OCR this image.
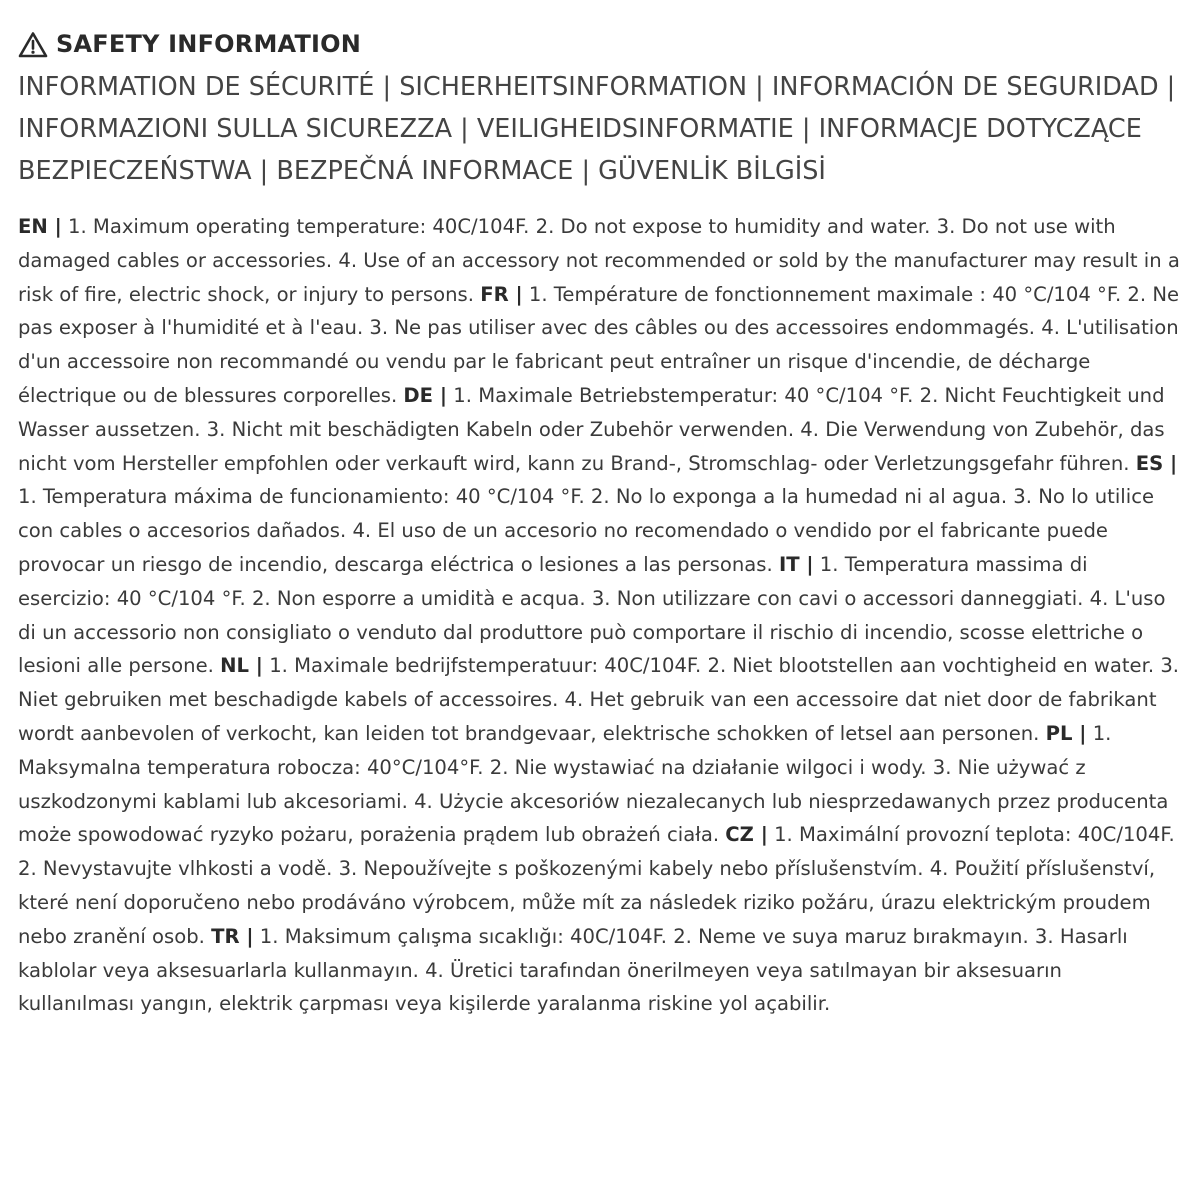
SAFETY INFORMATION
INFORMATION DE SÉCURITÉ | SICHERHEITSINFORMATION | INFORMACIÓN DE SEGURIDAD | INFORMAZIONI SULLA SICUREZZA | VEILIGHEIDSINFORMATIE | INFORMACJE DOTYCZĄCE BEZPIECZEŃSTWA | BEZPEČNÁ INFORMACE | GÜVENLİK BİLGİSİ
EN | 1. Maximum operating temperature: 40C/104F. 2. Do not expose to humidity and water. 3. Do not use with damaged cables or accessories. 4. Use of an accessory not recommended or sold by the manufacturer may result in a risk of fire, electric shock, or injury to persons. FR | 1. Température de fonctionnement maximale : 40 °C/104 °F. 2. Ne pas exposer à l'humidité et à l'eau. 3. Ne pas utiliser avec des câbles ou des accessoires endommagés. 4. L'utilisation d'un accessoire non recommandé ou vendu par le fabricant peut entraîner un risque d'incendie, de décharge électrique ou de blessures corporelles. DE | 1. Maximale Betriebstemperatur: 40 °C/104 °F. 2. Nicht Feuchtigkeit und Wasser aussetzen. 3. Nicht mit beschädigten Kabeln oder Zubehör verwenden. 4. Die Verwendung von Zubehör, das nicht vom Hersteller empfohlen oder verkauft wird, kann zu Brand-, Stromschlag- oder Verletzungsgefahr führen. ES | 1. Temperatura máxima de funcionamiento: 40 °C/104 °F. 2. No lo exponga a la humedad ni al agua. 3. No lo utilice con cables o accesorios dañados. 4. El uso de un accesorio no recomendado o vendido por el fabricante puede provocar un riesgo de incendio, descarga eléctrica o lesiones a las personas. IT | 1. Temperatura massima di esercizio: 40 °C/104 °F. 2. Non esporre a umidità e acqua. 3. Non utilizzare con cavi o accessori danneggiati. 4. L'uso di un accessorio non consigliato o venduto dal produttore può comportare il rischio di incendio, scosse elettriche o lesioni alle persone. NL | 1. Maximale bedrijfstemperatuur: 40C/104F. 2. Niet blootstellen aan vochtigheid en water. 3. Niet gebruiken met beschadigde kabels of accessoires. 4. Het gebruik van een accessoire dat niet door de fabrikant wordt aanbevolen of verkocht, kan leiden tot brandgevaar, elektrische schokken of letsel aan personen. PL | 1. Maksymalna temperatura robocza: 40°C/104°F. 2. Nie wystawiać na działanie wilgoci i wody. 3. Nie używać z uszkodzonymi kablami lub akcesoriami. 4. Użycie akcesoriów niezalecanych lub niesprzedawanych przez producenta może spowodować ryzyko pożaru, porażenia prądem lub obrażeń ciała. CZ | 1. Maximální provozní teplota: 40C/104F. 2. Nevystavujte vlhkosti a vodě. 3. Nepoužívejte s poškozenými kabely nebo příslušenstvím. 4. Použití příslušenství, které není doporučeno nebo prodáváno výrobcem, může mít za následek riziko požáru, úrazu elektrickým proudem nebo zranění osob. TR | 1. Maksimum çalışma sıcaklığı: 40C/104F. 2. Neme ve suya maruz bırakmayın. 3. Hasarlı kablolar veya aksesuarlarla kullanmayın. 4. Üretici tarafından önerilmeyen veya satılmayan bir aksesuarın kullanılması yangın, elektrik çarpması veya kişilerde yaralanma riskine yol açabilir.
